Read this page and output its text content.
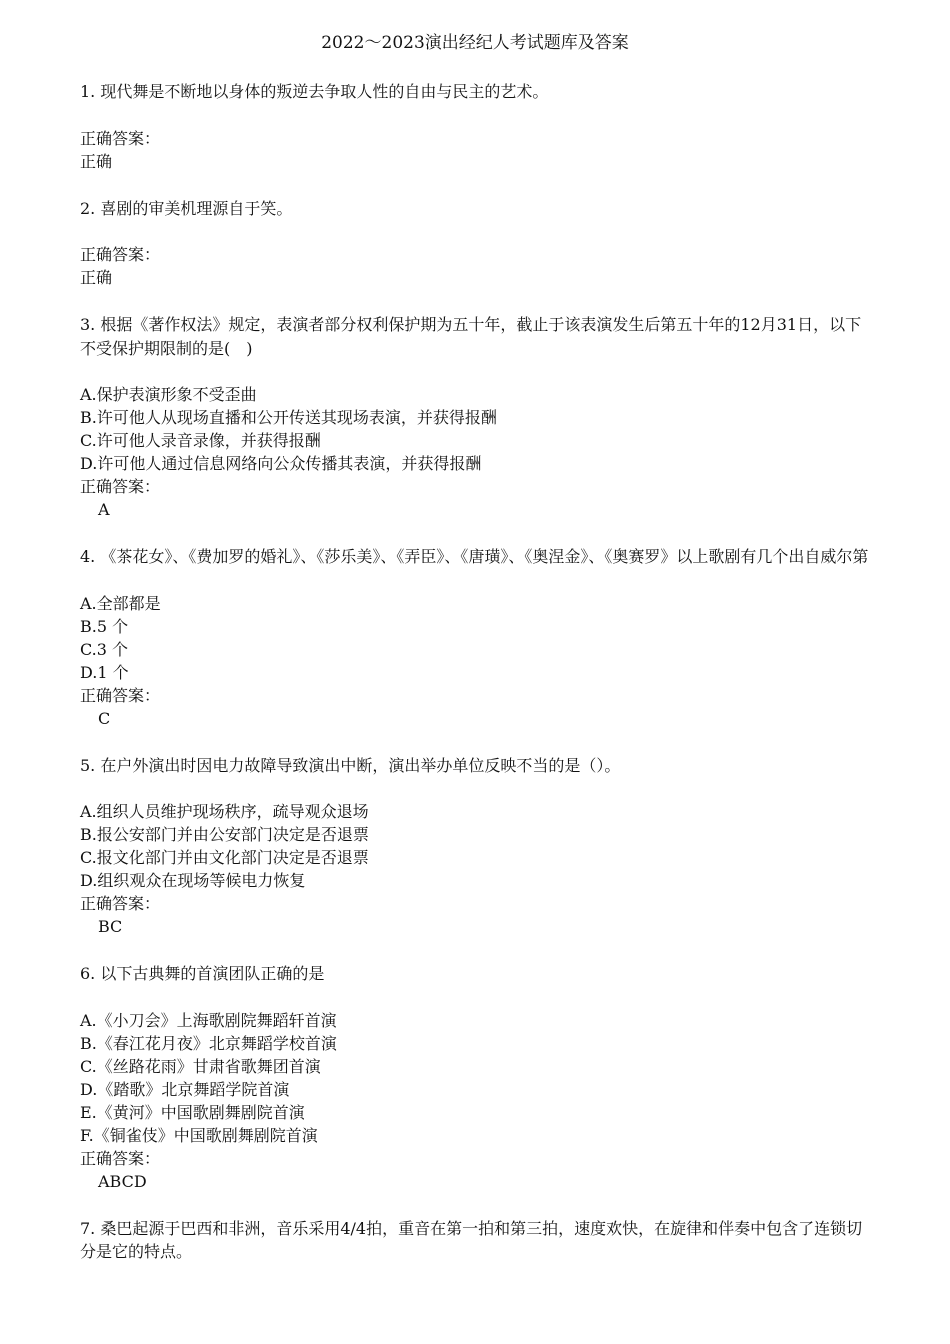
2022～2023演出经纪人考试题库及答案

1. 现代舞是不断地以身体的叛逆去争取人性的自由与民主的艺术。

正确答案：

正确

2. 喜剧的审美机理源自于笑。

正确答案：

正确

3. 根据《著作权法》规定，表演者部分权利保护期为五十年，截止于该表演发生后第五十年的12月31日，以下不受保护期限制的是(　)

A.保护表演形象不受歪曲

B.许可他人从现场直播和公开传送其现场表演，并获得报酬

C.许可他人录音录像，并获得报酬

D.许可他人通过信息网络向公众传播其表演，并获得报酬

正确答案：

A

4. 《茶花女》、《费加罗的婚礼》、《莎乐美》、《弄臣》、《唐璜》、《奥涅金》、《奥赛罗》以上歌剧有几个出自威尔第

A.全部都是

B.5 个

C.3 个

D.1 个

正确答案：

C

5. 在户外演出时因电力故障导致演出中断，演出举办单位反映不当的是（）。

A.组织人员维护现场秩序，疏导观众退场

B.报公安部门并由公安部门决定是否退票

C.报文化部门并由文化部门决定是否退票

D.组织观众在现场等候电力恢复

正确答案：

BC

6. 以下古典舞的首演团队正确的是

A.《小刀会》上海歌剧院舞蹈轩首演

B.《春江花月夜》北京舞蹈学校首演

C.《丝路花雨》甘肃省歌舞团首演

D.《踏歌》北京舞蹈学院首演

E.《黄河》中国歌剧舞剧院首演

F.《铜雀伎》中国歌剧舞剧院首演

正确答案：

ABCD

7. 桑巴起源于巴西和非洲，音乐采用4/4拍，重音在第一拍和第三拍，速度欢快，在旋律和伴奏中包含了连锁切分是它的特点。
